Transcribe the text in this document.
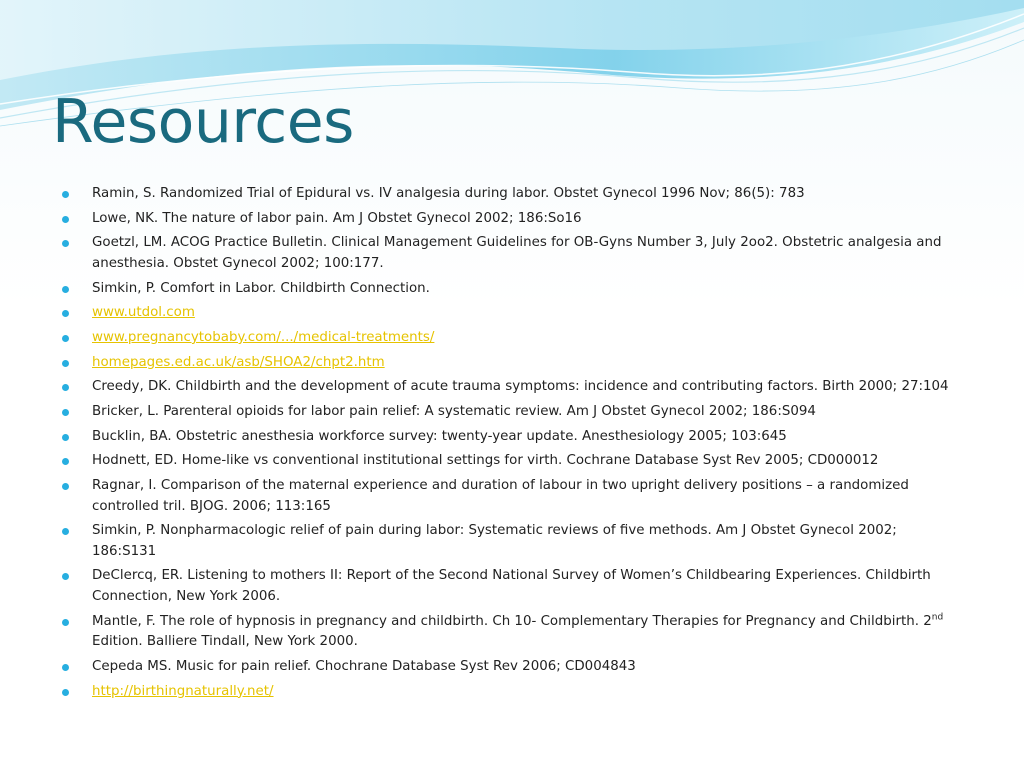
Resources
Ramin, S. Randomized Trial of Epidural vs. IV analgesia during labor. Obstet Gynecol 1996 Nov; 86(5): 783
Lowe, NK. The nature of labor pain. Am J Obstet Gynecol 2002; 186:So16
Goetzl, LM. ACOG Practice Bulletin. Clinical Management Guidelines for OB-Gyns Number 3, July 2oo2. Obstetric analgesia and anesthesia. Obstet Gynecol 2002; 100:177.
Simkin, P. Comfort in Labor. Childbirth Connection.
www.utdol.com
www.pregnancytobaby.com/.../medical-treatments/
homepages.ed.ac.uk/asb/SHOA2/chpt2.htm
Creedy, DK. Childbirth and the development of acute trauma symptoms: incidence and contributing factors. Birth 2000; 27:104
Bricker, L. Parenteral opioids for labor pain relief: A systematic review. Am J Obstet Gynecol 2002; 186:S094
Bucklin, BA. Obstetric anesthesia workforce survey: twenty-year update. Anesthesiology 2005; 103:645
Hodnett, ED. Home-like vs conventional institutional settings for virth. Cochrane Database Syst Rev 2005; CD000012
Ragnar, I. Comparison of the maternal experience and duration of labour in two upright delivery positions – a randomized controlled tril. BJOG. 2006; 113:165
Simkin, P. Nonpharmacologic relief of pain during labor: Systematic reviews of five methods. Am J Obstet Gynecol 2002; 186:S131
DeClercq, ER. Listening to mothers II: Report of the Second National Survey of Women’s Childbearing Experiences. Childbirth Connection, New York 2006.
Mantle, F. The role of hypnosis in pregnancy and childbirth. Ch 10- Complementary Therapies for Pregnancy and Childbirth. 2nd Edition. Balliere Tindall, New York 2000.
Cepeda MS. Music for pain relief. Chochrane Database Syst Rev 2006; CD004843
http://birthingnaturally.net/
